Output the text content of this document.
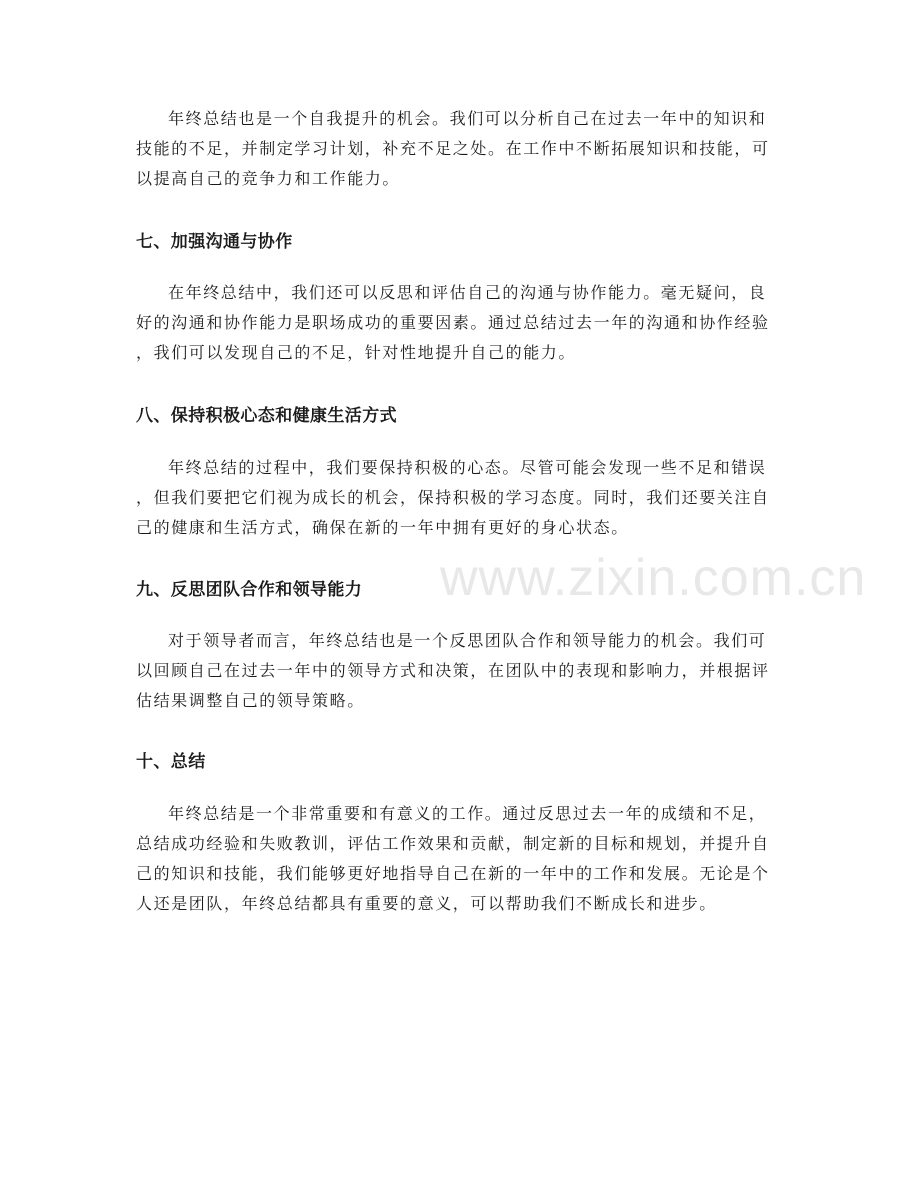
www.zixin.com.cn
年终总结也是一个自我提升的机会。我们可以分析自己在过去一年中的知识和
技能的不足，并制定学习计划，补充不足之处。在工作中不断拓展知识和技能，可
以提高自己的竞争力和工作能力。
七、加强沟通与协作
在年终总结中，我们还可以反思和评估自己的沟通与协作能力。毫无疑问，良
好的沟通和协作能力是职场成功的重要因素。通过总结过去一年的沟通和协作经验
，我们可以发现自己的不足，针对性地提升自己的能力。
八、保持积极心态和健康生活方式
年终总结的过程中，我们要保持积极的心态。尽管可能会发现一些不足和错误
，但我们要把它们视为成长的机会，保持积极的学习态度。同时，我们还要关注自
己的健康和生活方式，确保在新的一年中拥有更好的身心状态。
九、反思团队合作和领导能力
对于领导者而言，年终总结也是一个反思团队合作和领导能力的机会。我们可
以回顾自己在过去一年中的领导方式和决策，在团队中的表现和影响力，并根据评
估结果调整自己的领导策略。
十、总结
年终总结是一个非常重要和有意义的工作。通过反思过去一年的成绩和不足，
总结成功经验和失败教训，评估工作效果和贡献，制定新的目标和规划，并提升自
己的知识和技能，我们能够更好地指导自己在新的一年中的工作和发展。无论是个
人还是团队，年终总结都具有重要的意义，可以帮助我们不断成长和进步。
